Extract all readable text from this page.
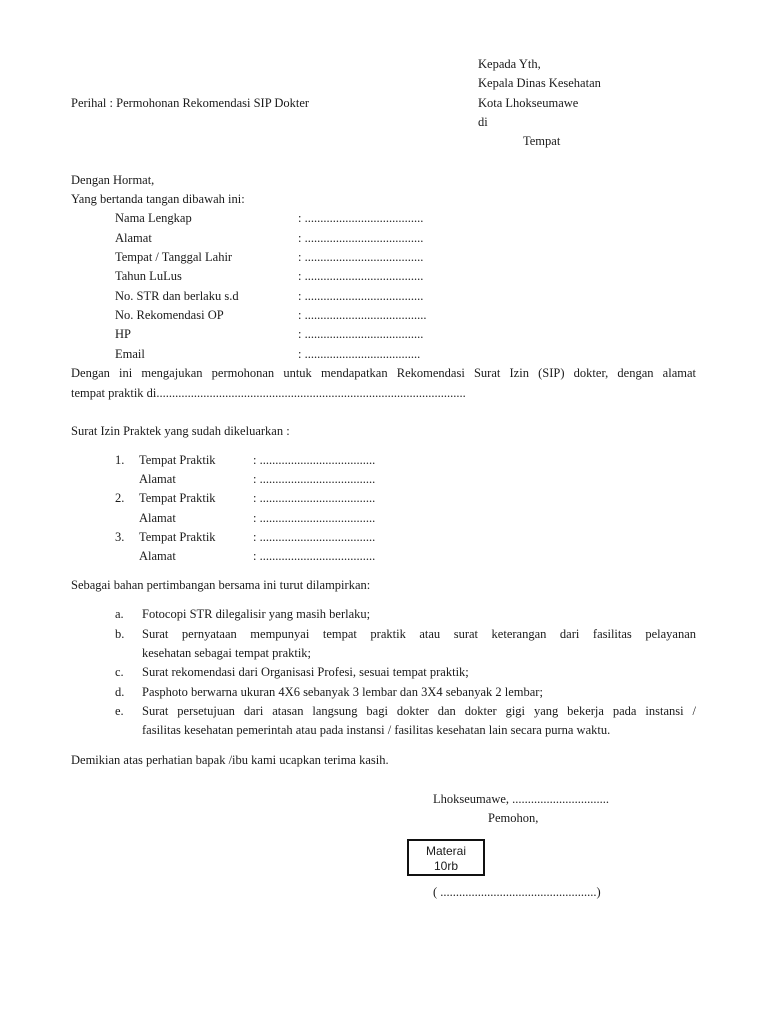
Kepada Yth,
Kepala Dinas Kesehatan
Kota Lhokseumawe
di
Tempat
Perihal : Permohonan Rekomendasi SIP Dokter
Dengan Hormat,
Yang bertanda tangan dibawah ini:
Nama Lengkap	: ......................................
Alamat	: ......................................
Tempat / Tanggal Lahir	: ......................................
Tahun LuLus	: ......................................
No. STR dan berlaku s.d	: ......................................
No. Rekomendasi OP	: .......................................
HP	: ......................................
Email	: .....................................
Dengan ini mengajukan permohonan untuk mendapatkan Rekomendasi Surat Izin (SIP) dokter, dengan alamat
tempat praktik di...................................................................................................
Surat Izin Praktek yang sudah dikeluarkan :
1. Tempat Praktik	: .....................................
Alamat	: .....................................
2. Tempat Praktik	: .....................................
Alamat	: .....................................
3. Tempat Praktik	: .....................................
Alamat	: .....................................
Sebagai bahan pertimbangan bersama ini turut dilampirkan:
a. Fotocopi STR dilegalisir yang masih berlaku;
b. Surat pernyataan mempunyai tempat praktik atau surat keterangan dari fasilitas pelayanan
kesehatan sebagai tempat praktik;
c. Surat rekomendasi dari Organisasi Profesi, sesuai tempat praktik;
d. Pasphoto berwarna ukuran 4X6 sebanyak 3 lembar dan 3X4 sebanyak 2 lembar;
e. Surat persetujuan dari atasan langsung bagi dokter dan dokter gigi yang bekerja pada instansi /
fasilitas kesehatan pemerintah atau pada instansi / fasilitas kesehatan lain secara purna waktu.
Demikian atas perhatian bapak /ibu kami ucapkan terima kasih.
Lhokseumawe, ...............................
Pemohon,
Materai
10rb
( ..................................................)
